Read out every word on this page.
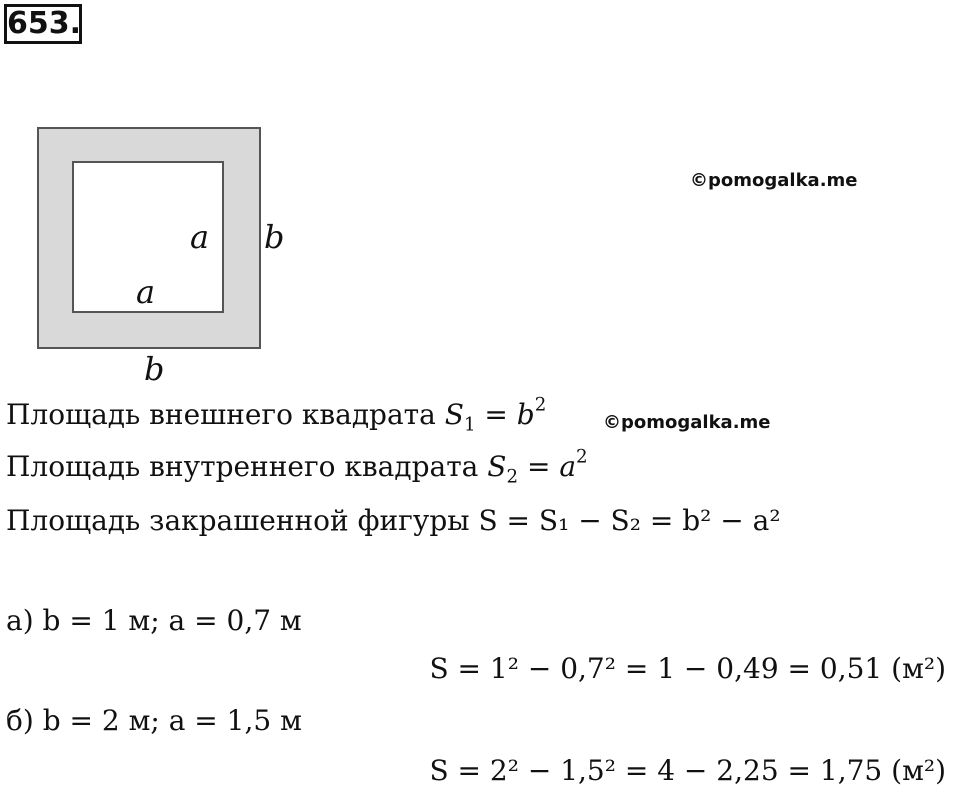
653.
a
a
b
b
©pomogalka.me
©pomogalka.me
Площадь внешнего квадрата $S_1 = b^2$
Площадь внутреннего квадрата $S_2 = a^2$
Площадь закрашенной фигуры S = S₁ − S₂ = b² − a²
а) b = 1 м; a = 0,7 м
S = 1² − 0,7² = 1 − 0,49 = 0,51 (м²)
б) b = 2 м; a = 1,5 м
S = 2² − 1,5² = 4 − 2,25 = 1,75 (м²)
